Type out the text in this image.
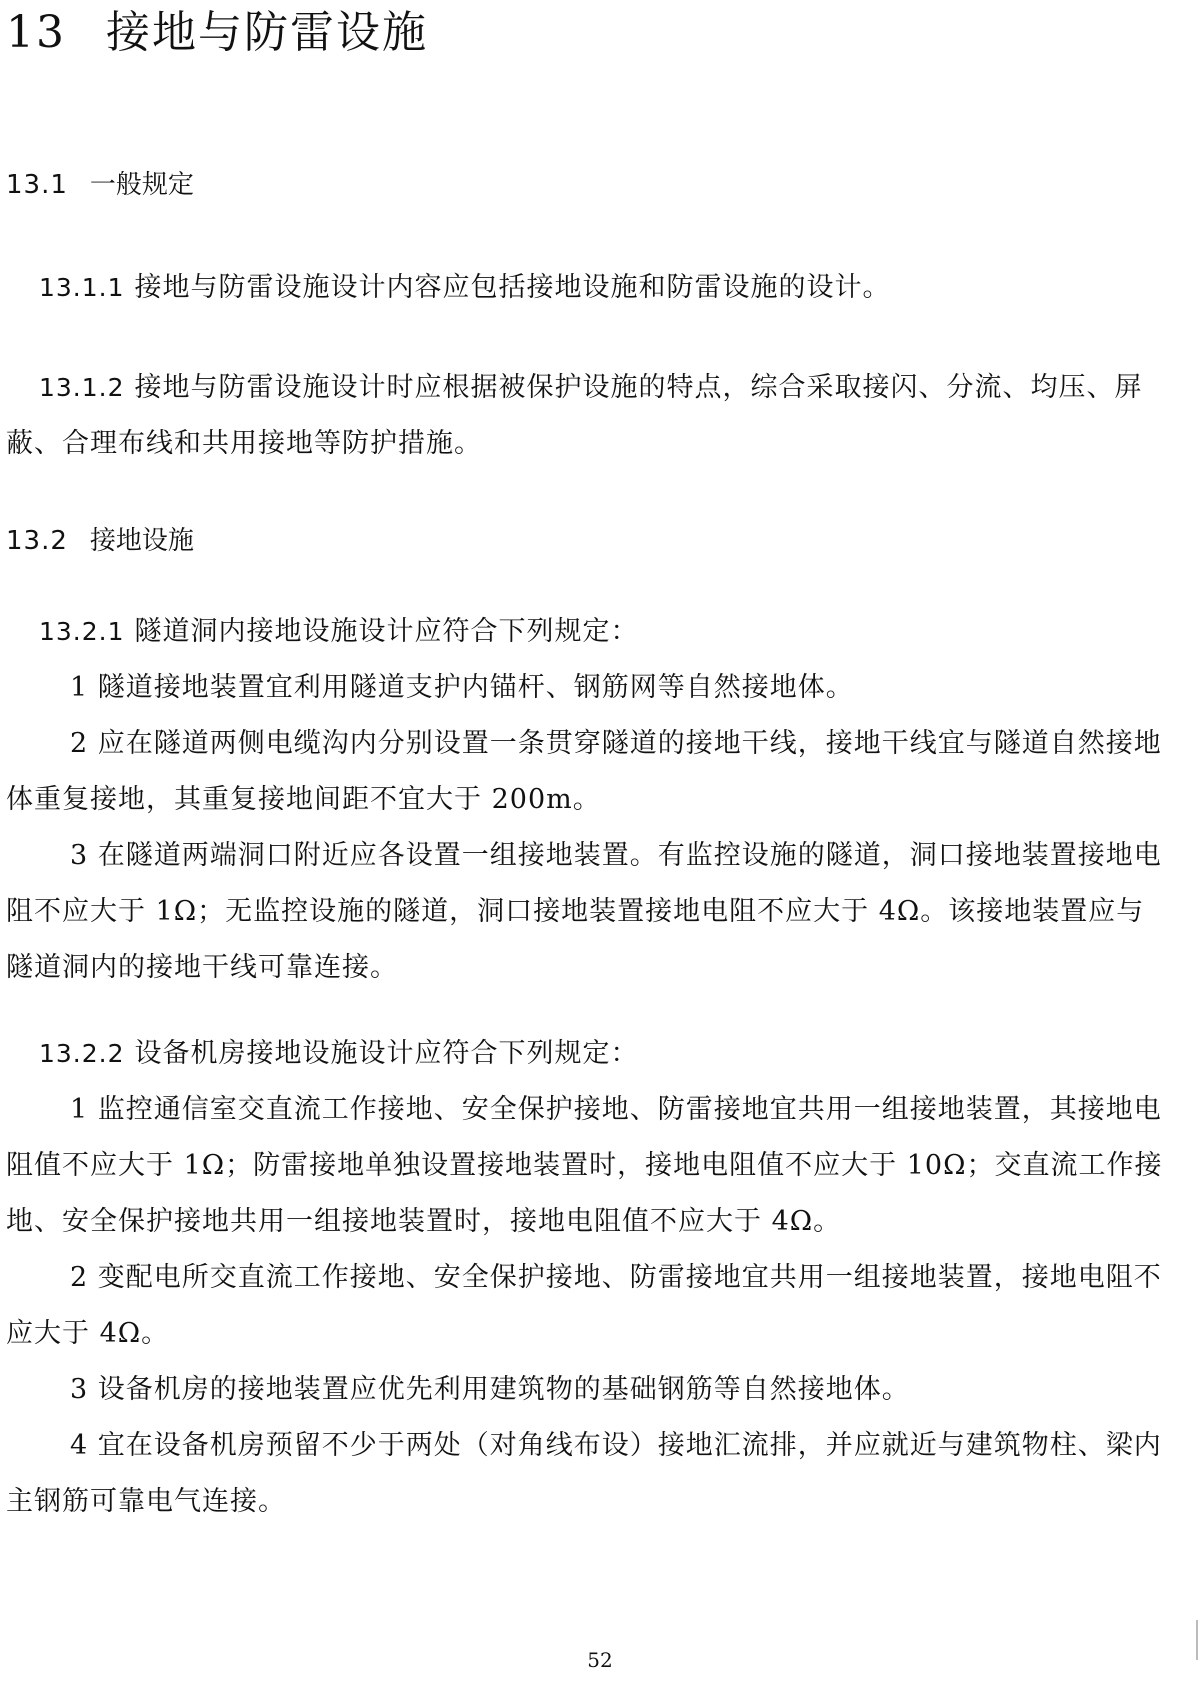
13 接地与防雷设施
13.1 一般规定

13.1.1 接地与防雷设施设计内容应包括接地设施和防雷设施的设计。

13.1.2 接地与防雷设施设计时应根据被保护设施的特点，综合采取接闪、分流、均压、屏蔽、合理布线和共用接地等防护措施。

13.2 接地设施

13.2.1 隧道洞内接地设施设计应符合下列规定：

1 隧道接地装置宜利用隧道支护内锚杆、钢筋网等自然接地体。

2 应在隧道两侧电缆沟内分别设置一条贯穿隧道的接地干线，接地干线宜与隧道自然接地体重复接地，其重复接地间距不宜大于 200m。

3 在隧道两端洞口附近应各设置一组接地装置。有监控设施的隧道，洞口接地装置接地电阻不应大于 1Ω；无监控设施的隧道，洞口接地装置接地电阻不应大于 4Ω。该接地装置应与隧道洞内的接地干线可靠连接。

13.2.2 设备机房接地设施设计应符合下列规定：

1 监控通信室交直流工作接地、安全保护接地、防雷接地宜共用一组接地装置，其接地电阻值不应大于 1Ω；防雷接地单独设置接地装置时，接地电阻值不应大于 10Ω；交直流工作接地、安全保护接地共用一组接地装置时，接地电阻值不应大于 4Ω。

2 变配电所交直流工作接地、安全保护接地、防雷接地宜共用一组接地装置，接地电阻不应大于 4Ω。

3 设备机房的接地装置应优先利用建筑物的基础钢筋等自然接地体。

4 宜在设备机房预留不少于两处（对角线布设）接地汇流排，并应就近与建筑物柱、梁内主钢筋可靠电气连接。

52
